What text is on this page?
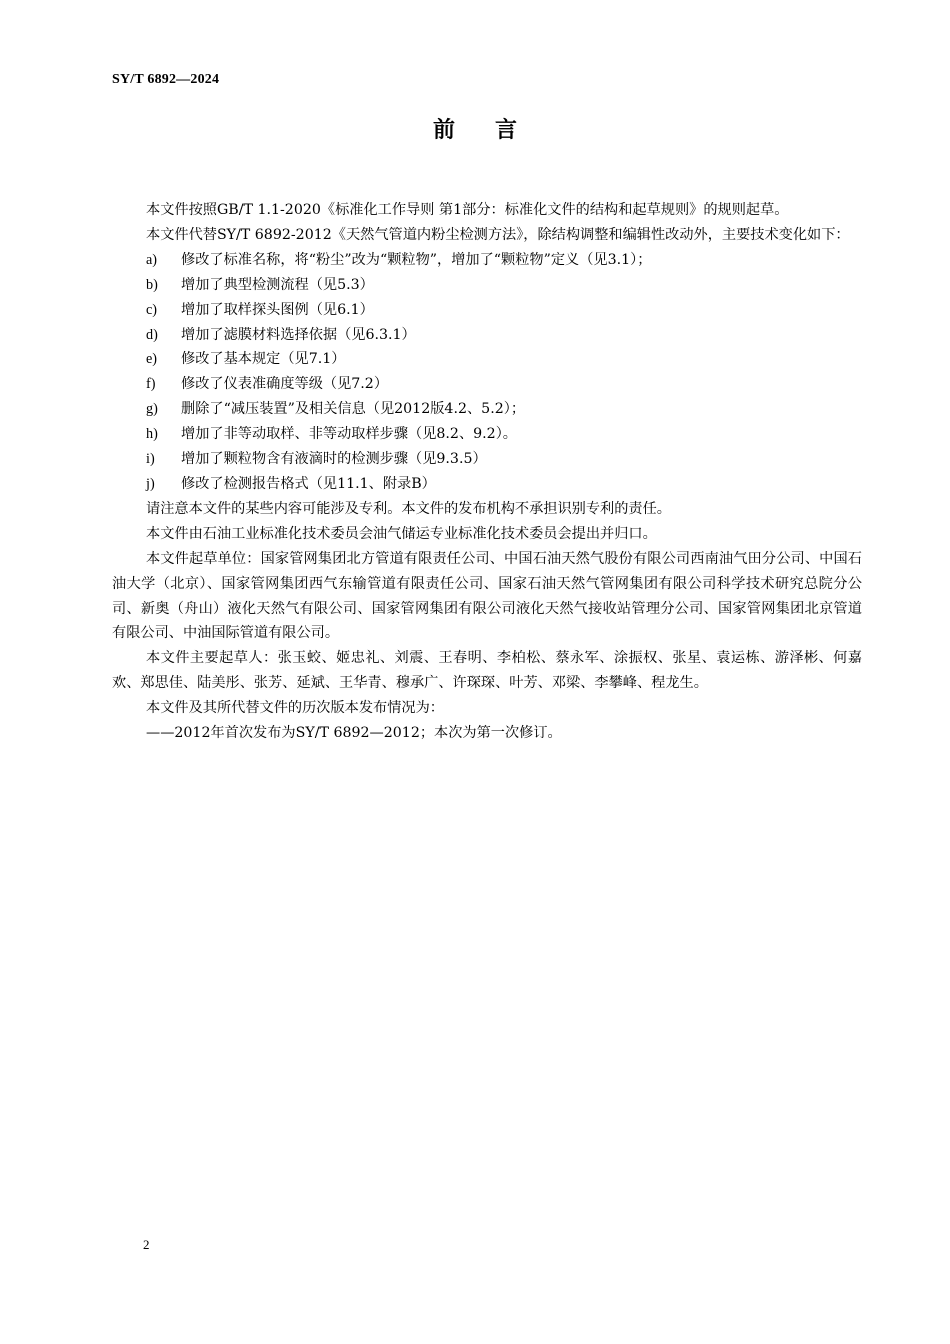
SY/T 6892—2024
前言

本文件按照GB/T 1.1-2020《标准化工作导则 第1部分：标准化文件的结构和起草规则》的规则起草。

本文件代替SY/T 6892-2012《天然气管道内粉尘检测方法》，除结构调整和编辑性改动外，主要技术变化如下：

a)	修改了标准名称，将“粉尘”改为“颗粒物”，增加了“颗粒物”定义（见3.1）；
b)	增加了典型检测流程（见5.3）
c)	增加了取样探头图例（见6.1）
d)	增加了滤膜材料选择依据（见6.3.1）
e)	修改了基本规定（见7.1）
f)	修改了仪表准确度等级（见7.2）
g)	删除了“减压装置”及相关信息（见2012版4.2、5.2）；
h)	增加了非等动取样、非等动取样步骤（见8.2、9.2）。
i)	增加了颗粒物含有液滴时的检测步骤（见9.3.5）
j)	修改了检测报告格式（见11.1、附录B）

请注意本文件的某些内容可能涉及专利。本文件的发布机构不承担识别专利的责任。

本文件由石油工业标准化技术委员会油气储运专业标准化技术委员会提出并归口。

本文件起草单位：国家管网集团北方管道有限责任公司、中国石油天然气股份有限公司西南油气田分公司、中国石油大学（北京）、国家管网集团西气东输管道有限责任公司、国家石油天然气管网集团有限公司科学技术研究总院分公司、新奥（舟山）液化天然气有限公司、国家管网集团有限公司液化天然气接收站管理分公司、国家管网集团北京管道有限公司、中油国际管道有限公司。

本文件主要起草人：张玉蛟、姬忠礼、刘震、王春明、李柏松、蔡永军、涂振权、张星、袁运栋、游泽彬、何嘉欢、郑思佳、陆美彤、张芳、延斌、王华青、穆承广、许琛琛、叶芳、邓梁、李攀峰、程龙生。

本文件及其所代替文件的历次版本发布情况为：

——2012年首次发布为SY/T 6892—2012；本次为第一次修订。

2
